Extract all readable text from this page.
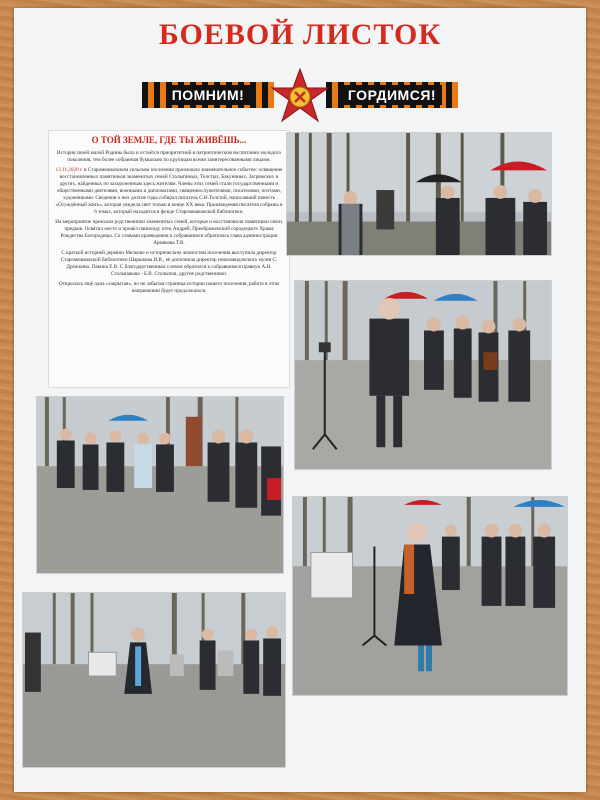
БОЕВОЙ ЛИСТОК
ПОМНИМ!	ГОРДИМСЯ!
О ТОЙ ЗЕМЛЕ, ГДЕ ТЫ ЖИВЁШЬ...

История своей малой Родины была и остаётся приоритетной в патриотическом воспитании молодого поколения, тем более собранная буквально по крупицам всеми заинтересованными лицами.

13.11.2020 г. в Старомешковском сельском поселении произошло знаменательное событие: освящение восстановленных памятников знаменитых семей Столыпиных, Толстых, Бакуниных, Загряжских и других, найденных по захороненным здесь жителям. Члены этих семей стали государственными и общественными деятелями, военными и дипломатами, священнослужителями, писателями, поэтами, художниками. Сведения о них долгие годы собирал писатель С.Н.Толстой, написавший повесть «Осуждённый жить», которая увидела свет только в конце XX века. Произведения писателя собраны в 6 томах, который находится в фонде Старомешковской библиотеки.

На мероприятие приехали родственники знаменитых семей, которые и восстановили памятники своих предков. Освятил место и провёл панихиду отец Андрей, Преображенский городецкого Храма Рождества Богородицы. Со словами краеведения к собравшимся обратилась глава администрации Армякова Т.В.

С краткой историей деревни Мелково и историческим личностям поселения выступила директор Старомешковской библиотеки Шарыкова И.В., её дополнила директор новозавидовского музея С. Дрожкина. Пакина Е.В. С благодарственным словом обратился к собравшимся правнук А.Н. Столыпакова - Б.В. Столыпов, другие родственники.

Открылась ещё одна «закрытая», но не забытая страница истории нашего поселения, работа в этом направлении будет продолжаться.
